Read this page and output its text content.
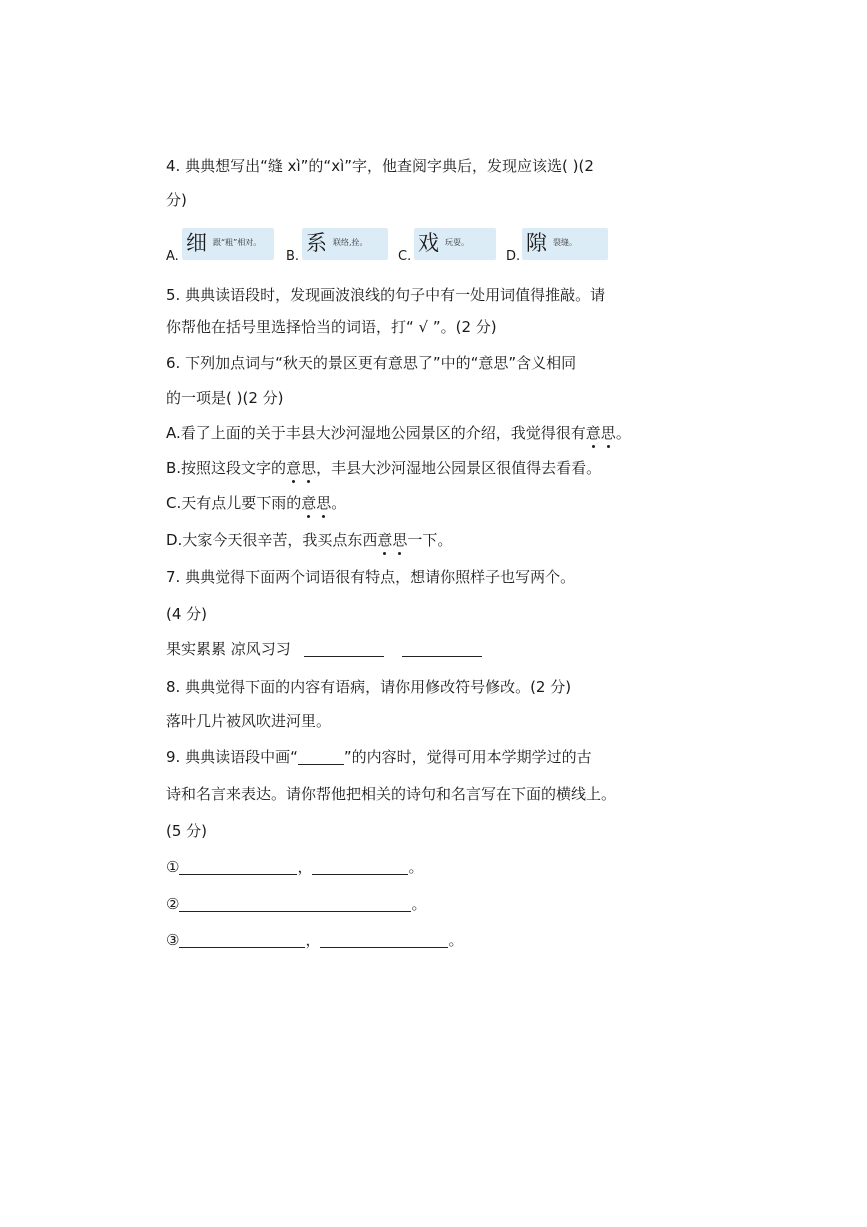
4. 典典想写出“缝 xì”的“xì”字，他查阅字典后，发现应该选( )(2
分)
A.
细 跟“粗”相对。
B.
系 联络,拴。
C.
戏 玩耍。
D.
隙 裂缝。
5. 典典读语段时，发现画波浪线的句子中有一处用词值得推敲。请
你帮他在括号里选择恰当的词语，打“ √ ”。(2 分)
6. 下列加点词与“秋天的景区更有意思了”中的“意思”含义相同
的一项是( )(2 分)
A.看了上面的关于丰县大沙河湿地公园景区的介绍，我觉得很有意思。
B.按照这段文字的意思，丰县大沙河湿地公园景区很值得去看看。
C.天有点儿要下雨的意思。
D.大家今天很辛苦，我买点东西意思一下。
7. 典典觉得下面两个词语很有特点，想请你照样子也写两个。
(4 分)
果实累累 凉风习习
8. 典典觉得下面的内容有语病，请你用修改符号修改。(2 分)
落叶几片被风吹进河里。
9. 典典读语段中画“	”的内容时，觉得可用本学期学过的古
诗和名言来表达。请你帮他把相关的诗句和名言写在下面的横线上。
(5 分)
①	，	。
②	。
③	，	。
